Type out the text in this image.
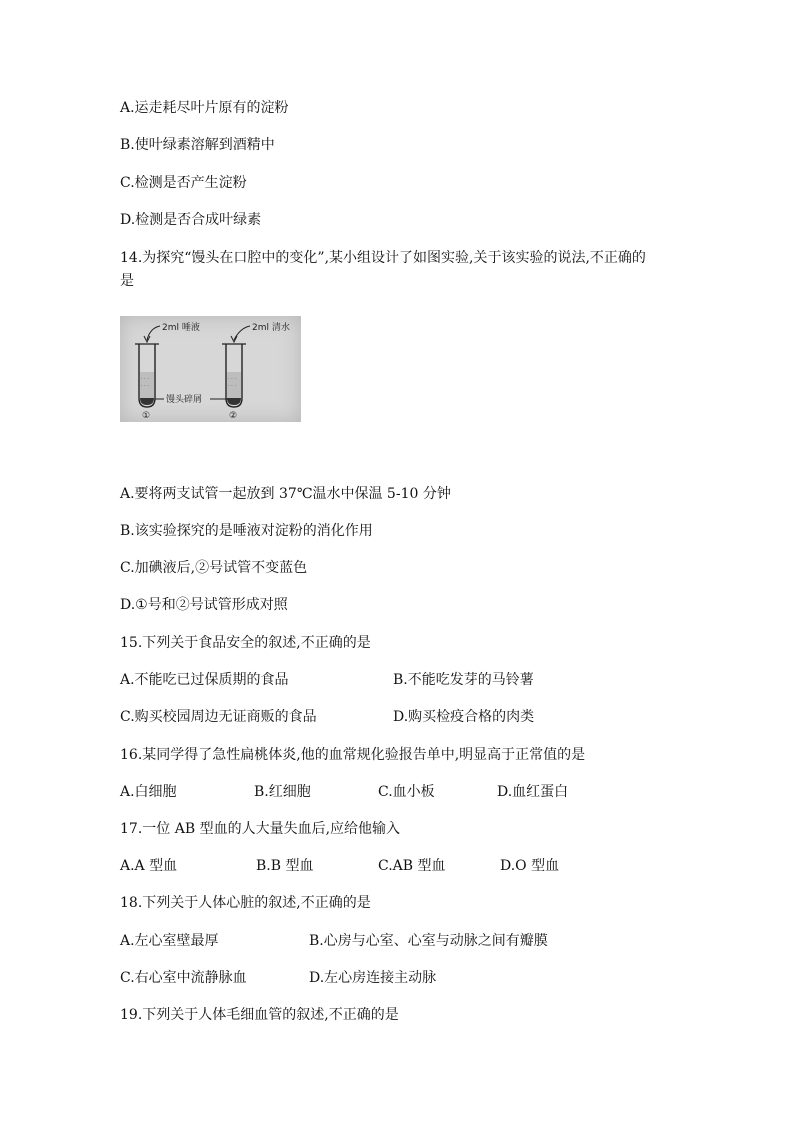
A.运走耗尽叶片原有的淀粉
B.使叶绿素溶解到酒精中
C.检测是否产生淀粉
D.检测是否合成叶绿素
14.为探究“馒头在口腔中的变化”,某小组设计了如图实验,关于该实验的说法,不正确的
是
2ml 唾液	2ml 清水
· · ·
· · ·
· · ·
· · ·
馒头碎屑
①	②
A.要将两支试管一起放到 37℃温水中保温 5-10 分钟
B.该实验探究的是唾液对淀粉的消化作用
C.加碘液后,②号试管不变蓝色
D.①号和②号试管形成对照
15.下列关于食品安全的叙述,不正确的是
A.不能吃已过保质期的食品	B.不能吃发芽的马铃薯
C.购买校园周边无证商贩的食品	D.购买检疫合格的肉类
16.某同学得了急性扁桃体炎,他的血常规化验报告单中,明显高于正常值的是
A.白细胞	B.红细胞	C.血小板	D.血红蛋白
17.一位 AB 型血的人大量失血后,应给他输入
A.A 型血	B.B 型血	C.AB 型血	D.O 型血
18.下列关于人体心脏的叙述,不正确的是
A.左心室壁最厚	B.心房与心室、心室与动脉之间有瓣膜
C.右心室中流静脉血	D.左心房连接主动脉
19.下列关于人体毛细血管的叙述,不正确的是
